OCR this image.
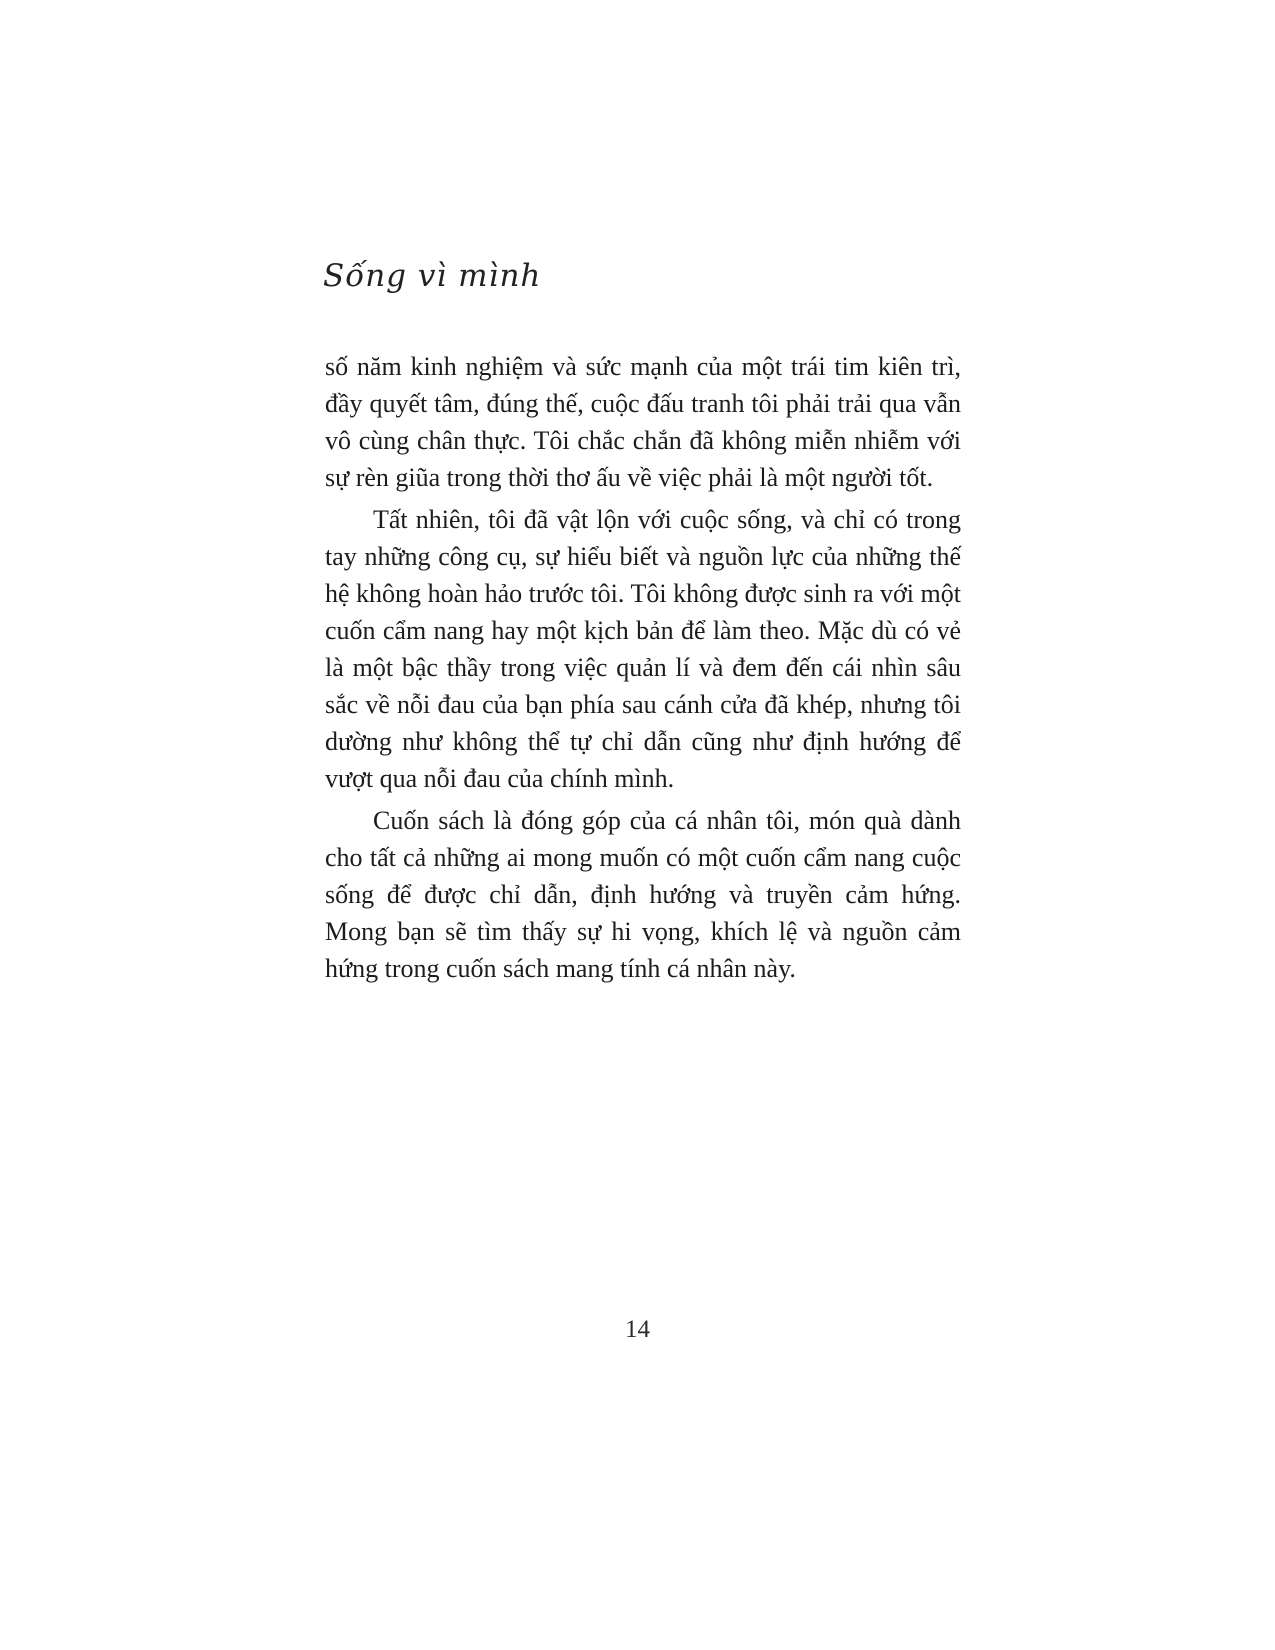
Sống vì mình

số năm kinh nghiệm và sức mạnh của một trái tim kiên trì, đầy quyết tâm, đúng thế, cuộc đấu tranh tôi phải trải qua vẫn vô cùng chân thực. Tôi chắc chắn đã không miễn nhiễm với sự rèn giũa trong thời thơ ấu về việc phải là một người tốt.

Tất nhiên, tôi đã vật lộn với cuộc sống, và chỉ có trong tay những công cụ, sự hiểu biết và nguồn lực của những thế hệ không hoàn hảo trước tôi. Tôi không được sinh ra với một cuốn cẩm nang hay một kịch bản để làm theo. Mặc dù có vẻ là một bậc thầy trong việc quản lí và đem đến cái nhìn sâu sắc về nỗi đau của bạn phía sau cánh cửa đã khép, nhưng tôi dường như không thể tự chỉ dẫn cũng như định hướng để vượt qua nỗi đau của chính mình.

Cuốn sách là đóng góp của cá nhân tôi, món quà dành cho tất cả những ai mong muốn có một cuốn cẩm nang cuộc sống để được chỉ dẫn, định hướng và truyền cảm hứng. Mong bạn sẽ tìm thấy sự hi vọng, khích lệ và nguồn cảm hứng trong cuốn sách mang tính cá nhân này.

14
